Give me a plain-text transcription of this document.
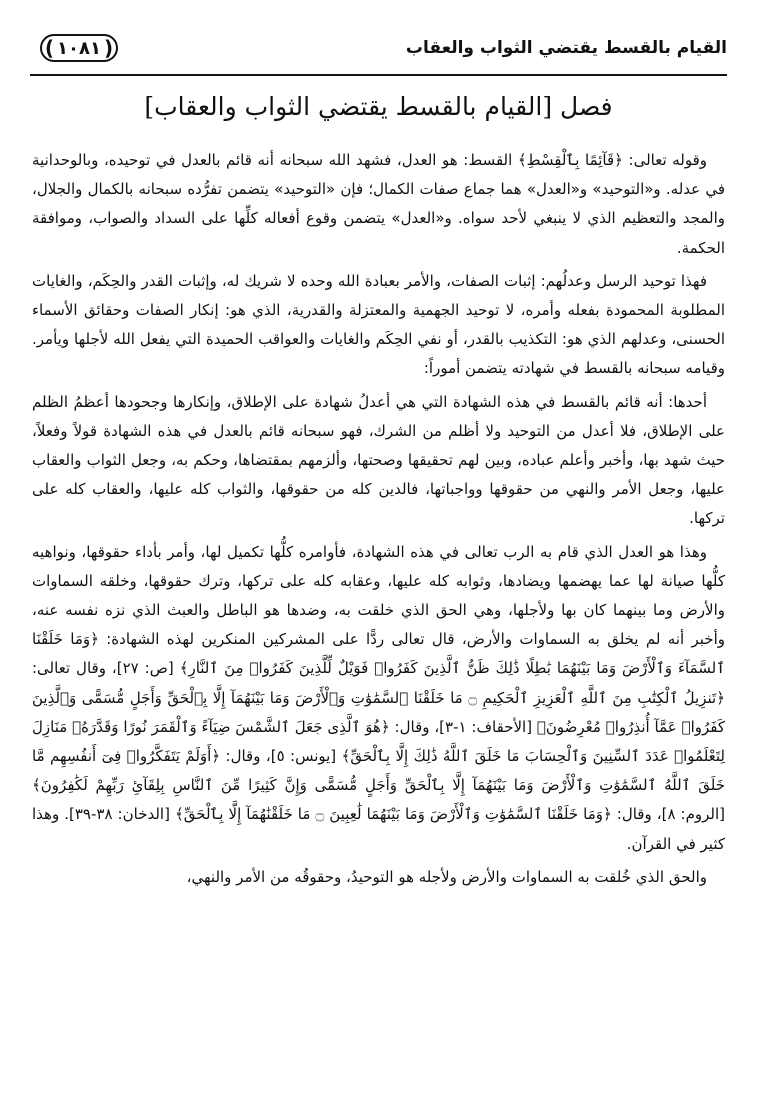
القيام بالقسط يقتضي الثواب والعقاب
( ١٠٨١ )
فصل [القيام بالقسط يقتضي الثواب والعقاب]

وقوله تعالى: ﴿قَآئِمًا بِٱلْقِسْطِ﴾ القسط: هو العدل، فشهد الله سبحانه أنه قائم بالعدل في توحيده، وبالوحدانية في عدله. و«التوحيد» و«العدل» هما جماع صفات الكمال؛ فإن «التوحيد» يتضمن تفرُّده سبحانه بالكمال والجلال، والمجد والتعظيم الذي لا ينبغي لأحد سواه. و«العدل» يتضمن وقوع أفعاله كلِّها على السداد والصواب، وموافقة الحكمة.

فهذا توحيد الرسل وعدلُهم: إثبات الصفات، والأمر بعبادة الله وحده لا شريك له، وإثبات القدر والحِكَم، والغايات المطلوبة المحمودة بفعله وأمره، لا توحيد الجهمية والمعتزلة والقدرية، الذي هو: إنكار الصفات وحقائق الأسماء الحسنى، وعدلهم الذي هو: التكذيب بالقدر، أو نفي الحِكَم والغايات والعواقب الحميدة التي يفعل الله لأجلها ويأمر. وقيامه سبحانه بالقسط في شهادته يتضمن أموراً:

أحدها: أنه قائم بالقسط في هذه الشهادة التي هي أعدلُ شهادة على الإطلاق، وإنكارها وجحودها أعظمُ الظلم على الإطلاق، فلا أعدل من التوحيد ولا أظلم من الشرك، فهو سبحانه قائم بالعدل في هذه الشهادة قولاً وفعلاً، حيث شهد بها، وأخبر وأعلم عباده، وبين لهم تحقيقها وصحتها، وألزمهم بمقتضاها، وحكم به، وجعل الثواب والعقاب عليها، وجعل الأمر والنهي من حقوقها وواجباتها، فالدين كله من حقوقها، والثواب كله عليها، والعقاب كله على تركها.

وهذا هو العدل الذي قام به الرب تعالى في هذه الشهادة، فأوامره كلُّها تكميل لها، وأمر بأداء حقوقها، ونواهيه كلُّها صيانة لها عما يهضمها ويضادها، وثوابه كله عليها، وعقابه كله على تركها، وترك حقوقها، وخلقه السماوات والأرض وما بينهما كان بها ولأجلها، وهي الحق الذي خلقت به، وضدها هو الباطل والعبث الذي نزه نفسه عنه، وأخبر أنه لم يخلق به السماوات والأرض، قال تعالى ردًّا على المشركين المنكرين لهذه الشهادة: ﴿وَمَا خَلَقْنَا ٱلسَّمَآءَ وَٱلْأَرْضَ وَمَا بَيْنَهُمَا بَٰطِلًا ذَٰلِكَ ظَنُّ ٱلَّذِينَ كَفَرُوا۟ فَوَيْلٌ لِّلَّذِينَ كَفَرُوا۟ مِنَ ٱلنَّارِ﴾ [ص: ٢٧]، وقال تعالى: ﴿تَنزِيلُ ٱلْكِتَٰبِ مِنَ ٱللَّهِ ٱلْعَزِيزِ ٱلْحَكِيمِ ۝ مَا خَلَقْنَا ٱلسَّمَٰوَٰتِ وَٱلْأَرْضَ وَمَا بَيْنَهُمَآ إِلَّا بِٱلْحَقِّ وَأَجَلٍ مُّسَمًّى وَٱلَّذِينَ كَفَرُوا۟ عَمَّآ أُنذِرُوا۟ مُعْرِضُونَ﴾ [الأحقاف: ١-٣]، وقال: ﴿هُوَ ٱلَّذِى جَعَلَ ٱلشَّمْسَ ضِيَآءً وَٱلْقَمَرَ نُورًا وَقَدَّرَهُۥ مَنَازِلَ لِتَعْلَمُوا۟ عَدَدَ ٱلسِّنِينَ وَٱلْحِسَابَ مَا خَلَقَ ٱللَّهُ ذَٰلِكَ إِلَّا بِٱلْحَقِّ﴾ [يونس: ٥]، وقال: ﴿أَوَلَمْ يَتَفَكَّرُوا۟ فِىٓ أَنفُسِهِم مَّا خَلَقَ ٱللَّهُ ٱلسَّمَٰوَٰتِ وَٱلْأَرْضَ وَمَا بَيْنَهُمَآ إِلَّا بِٱلْحَقِّ وَأَجَلٍ مُّسَمًّى وَإِنَّ كَثِيرًا مِّنَ ٱلنَّاسِ بِلِقَآئِ رَبِّهِمْ لَكَٰفِرُونَ﴾ [الروم: ٨]، وقال: ﴿وَمَا خَلَقْنَا ٱلسَّمَٰوَٰتِ وَٱلْأَرْضَ وَمَا بَيْنَهُمَا لَٰعِبِينَ ۝ مَا خَلَقْنَٰهُمَآ إِلَّا بِٱلْحَقِّ﴾ [الدخان: ٣٨-٣٩]. وهذا كثير في القرآن.

والحق الذي خُلقت به السماوات والأرض ولأجله هو التوحيدُ، وحقوقُه من الأمر والنهي،
